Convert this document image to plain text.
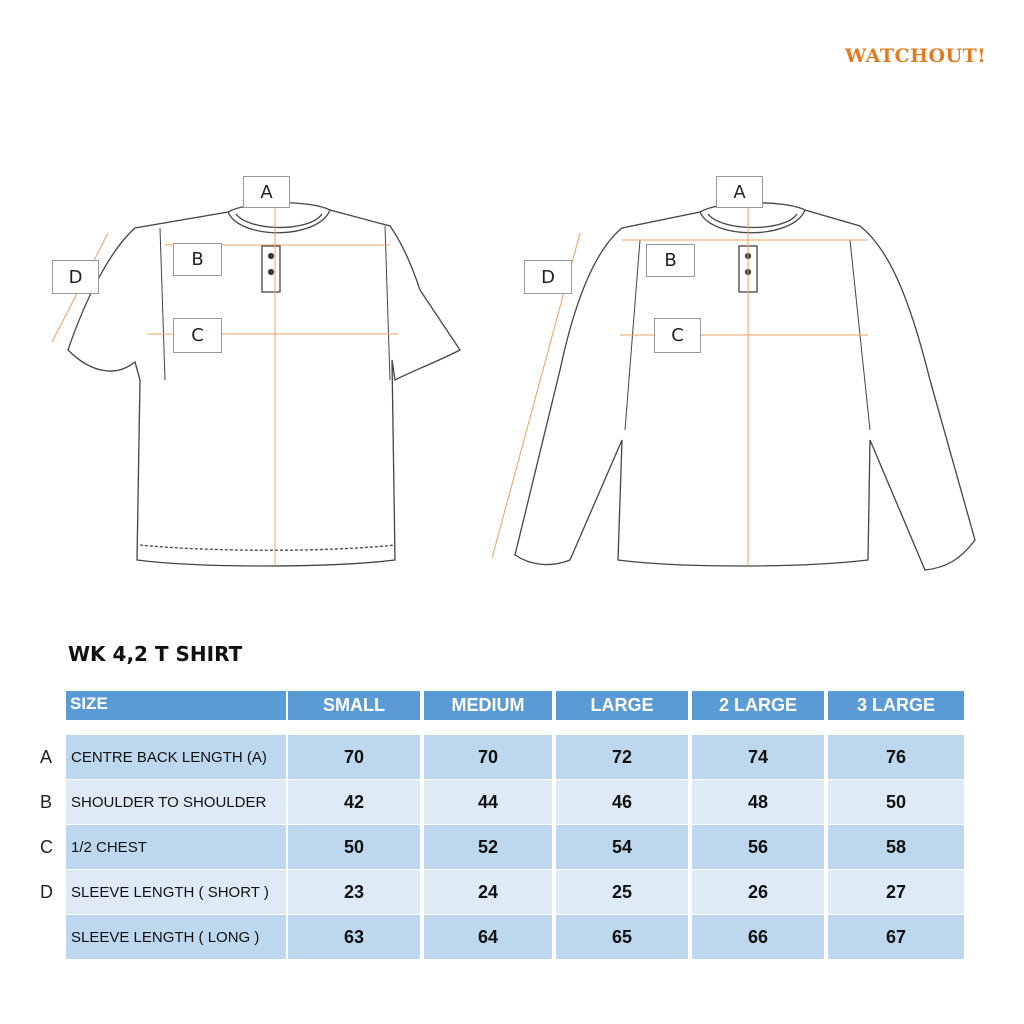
WATCHOUT!
A
B
C
D
A
B
C
D
WK 4,2 T SHIRT
SIZE	SMALL	MEDIUM	LARGE	2 LARGE	3 LARGE
A	CENTRE BACK LENGTH (A)	70	70	72	74	76
B	SHOULDER TO SHOULDER	42	44	46	48	50
C	1/2 CHEST	50	52	54	56	58
D	SLEEVE LENGTH ( SHORT )	23	24	25	26	27
SLEEVE LENGTH ( LONG )	63	64	65	66	67
